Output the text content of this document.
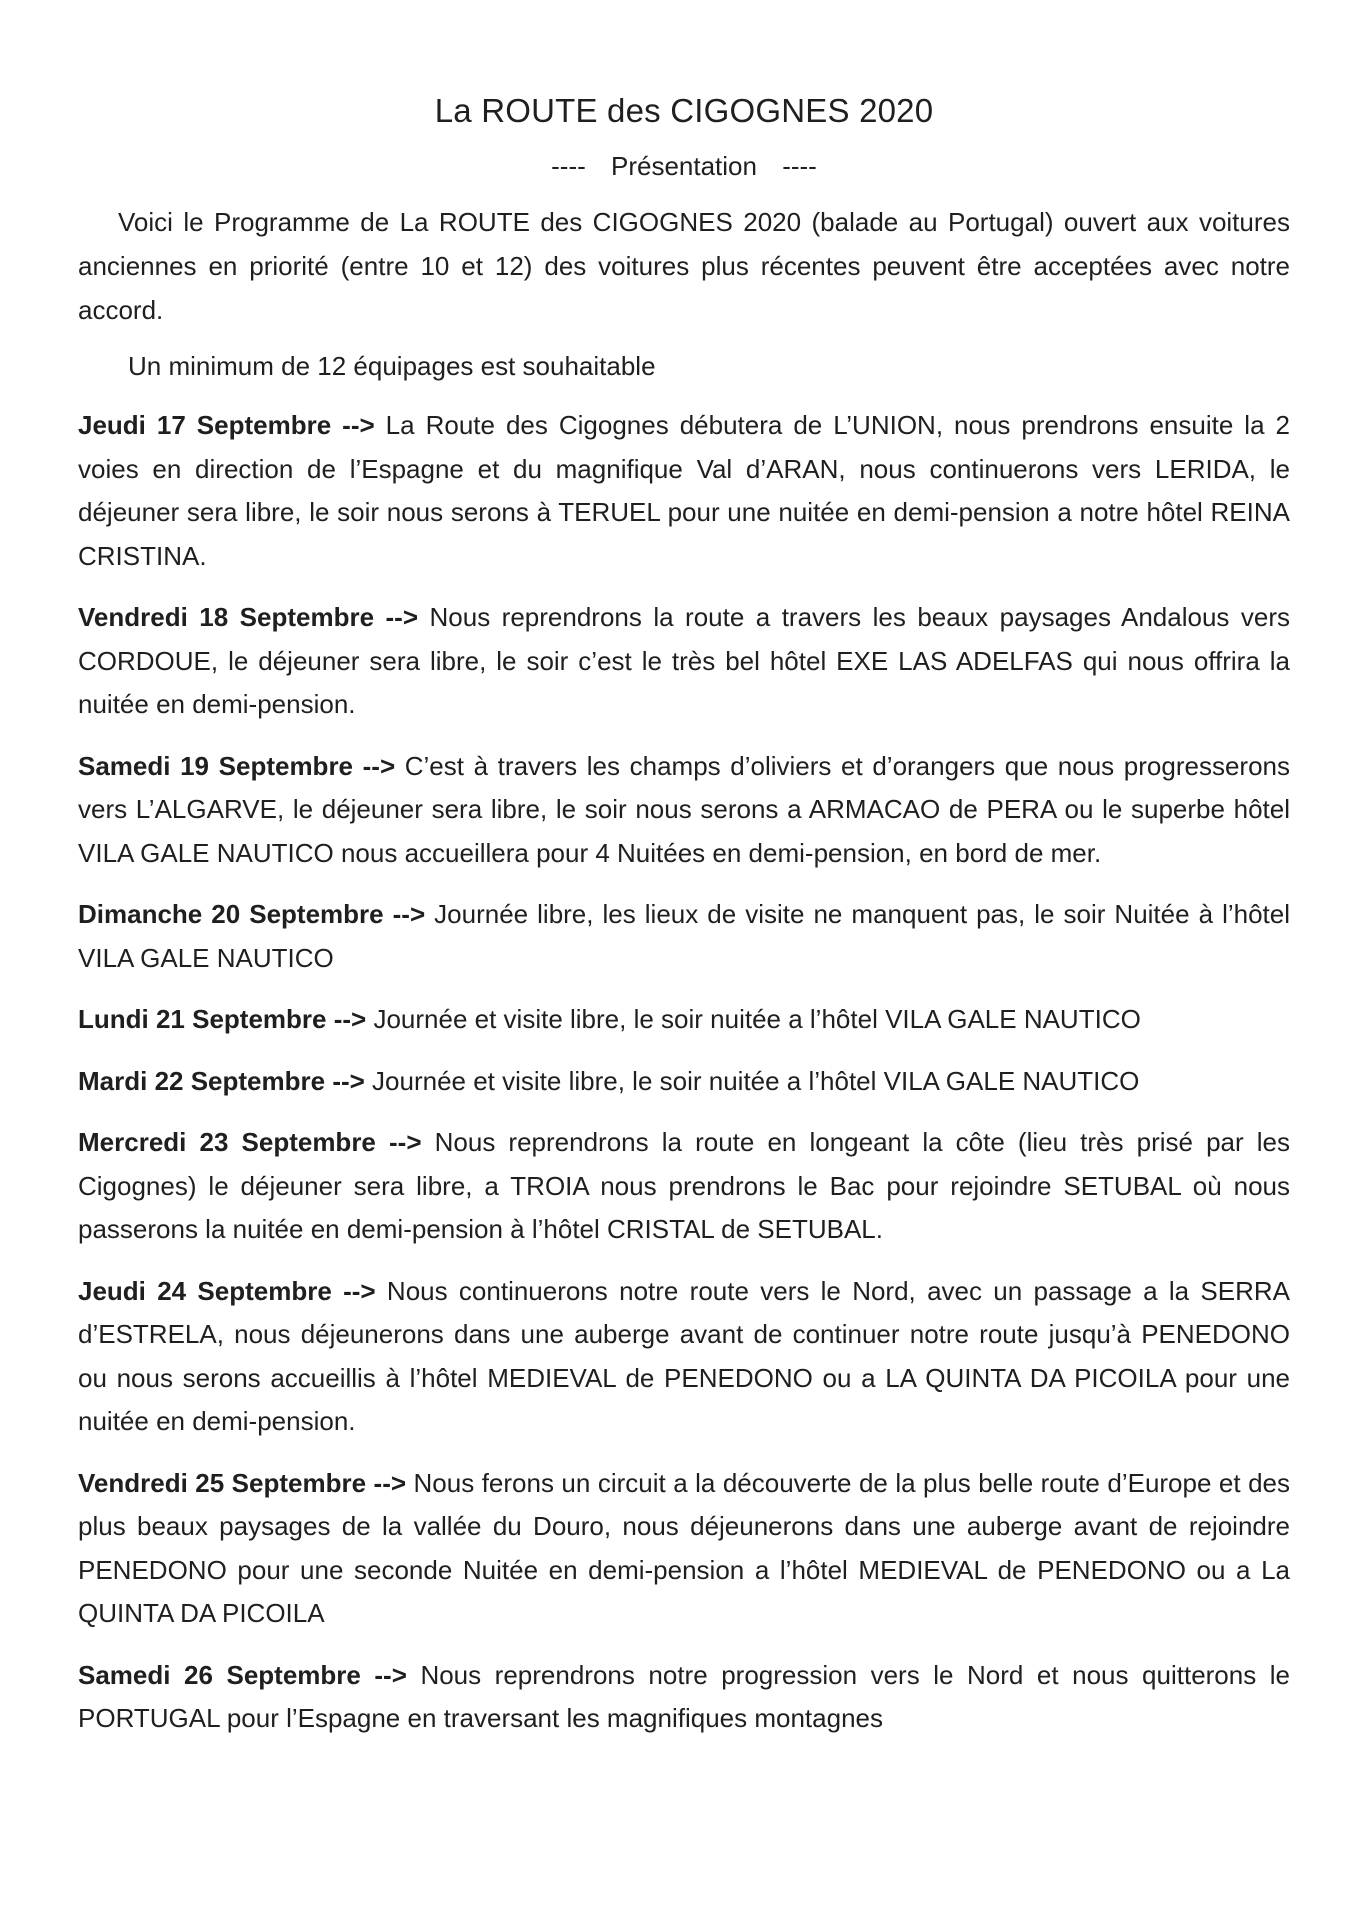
La ROUTE des CIGOGNES 2020
---- Présentation ----

Voici le Programme de La ROUTE des CIGOGNES 2020 (balade au Portugal) ouvert aux voitures anciennes en priorité (entre 10 et 12) des voitures plus récentes peuvent être acceptées avec notre accord.

Un minimum de 12 équipages est souhaitable

Jeudi 17 Septembre --> La Route des Cigognes débutera de L’UNION, nous prendrons ensuite la 2 voies en direction de l’Espagne et du magnifique Val d’ARAN, nous continuerons vers LERIDA, le déjeuner sera libre, le soir nous serons à TERUEL pour une nuitée en demi-pension a notre hôtel REINA CRISTINA.

Vendredi 18 Septembre --> Nous reprendrons la route a travers les beaux paysages Andalous vers CORDOUE, le déjeuner sera libre, le soir c’est le très bel hôtel EXE LAS ADELFAS qui nous offrira la nuitée en demi-pension.

Samedi 19 Septembre --> C’est à travers les champs d’oliviers et d’orangers que nous progresserons vers L’ALGARVE, le déjeuner sera libre, le soir nous serons a ARMACAO de PERA ou le superbe hôtel VILA GALE NAUTICO nous accueillera pour 4 Nuitées en demi-pension, en bord de mer.

Dimanche 20 Septembre --> Journée libre, les lieux de visite ne manquent pas, le soir Nuitée à l’hôtel VILA GALE NAUTICO

Lundi 21 Septembre --> Journée et visite libre, le soir nuitée a l’hôtel VILA GALE NAUTICO

Mardi 22 Septembre --> Journée et visite libre, le soir nuitée a l’hôtel VILA GALE NAUTICO

Mercredi 23 Septembre --> Nous reprendrons la route en longeant la côte (lieu très prisé par les Cigognes) le déjeuner sera libre, a TROIA nous prendrons le Bac pour rejoindre SETUBAL où nous passerons la nuitée en demi-pension à l’hôtel CRISTAL de SETUBAL.

Jeudi 24 Septembre --> Nous continuerons notre route vers le Nord, avec un passage a la SERRA d’ESTRELA, nous déjeunerons dans une auberge avant de continuer notre route jusqu’à PENEDONO ou nous serons accueillis à l’hôtel MEDIEVAL de PENEDONO ou a LA QUINTA DA PICOILA pour une nuitée en demi-pension.

Vendredi 25 Septembre --> Nous ferons un circuit a la découverte de la plus belle route d’Europe et des plus beaux paysages de la vallée du Douro, nous déjeunerons dans une auberge avant de rejoindre PENEDONO pour une seconde Nuitée en demi-pension a l’hôtel MEDIEVAL de PENEDONO ou a La QUINTA DA PICOILA

Samedi 26 Septembre --> Nous reprendrons notre progression vers le Nord et nous quitterons le PORTUGAL pour l’Espagne en traversant les magnifiques montagnes
